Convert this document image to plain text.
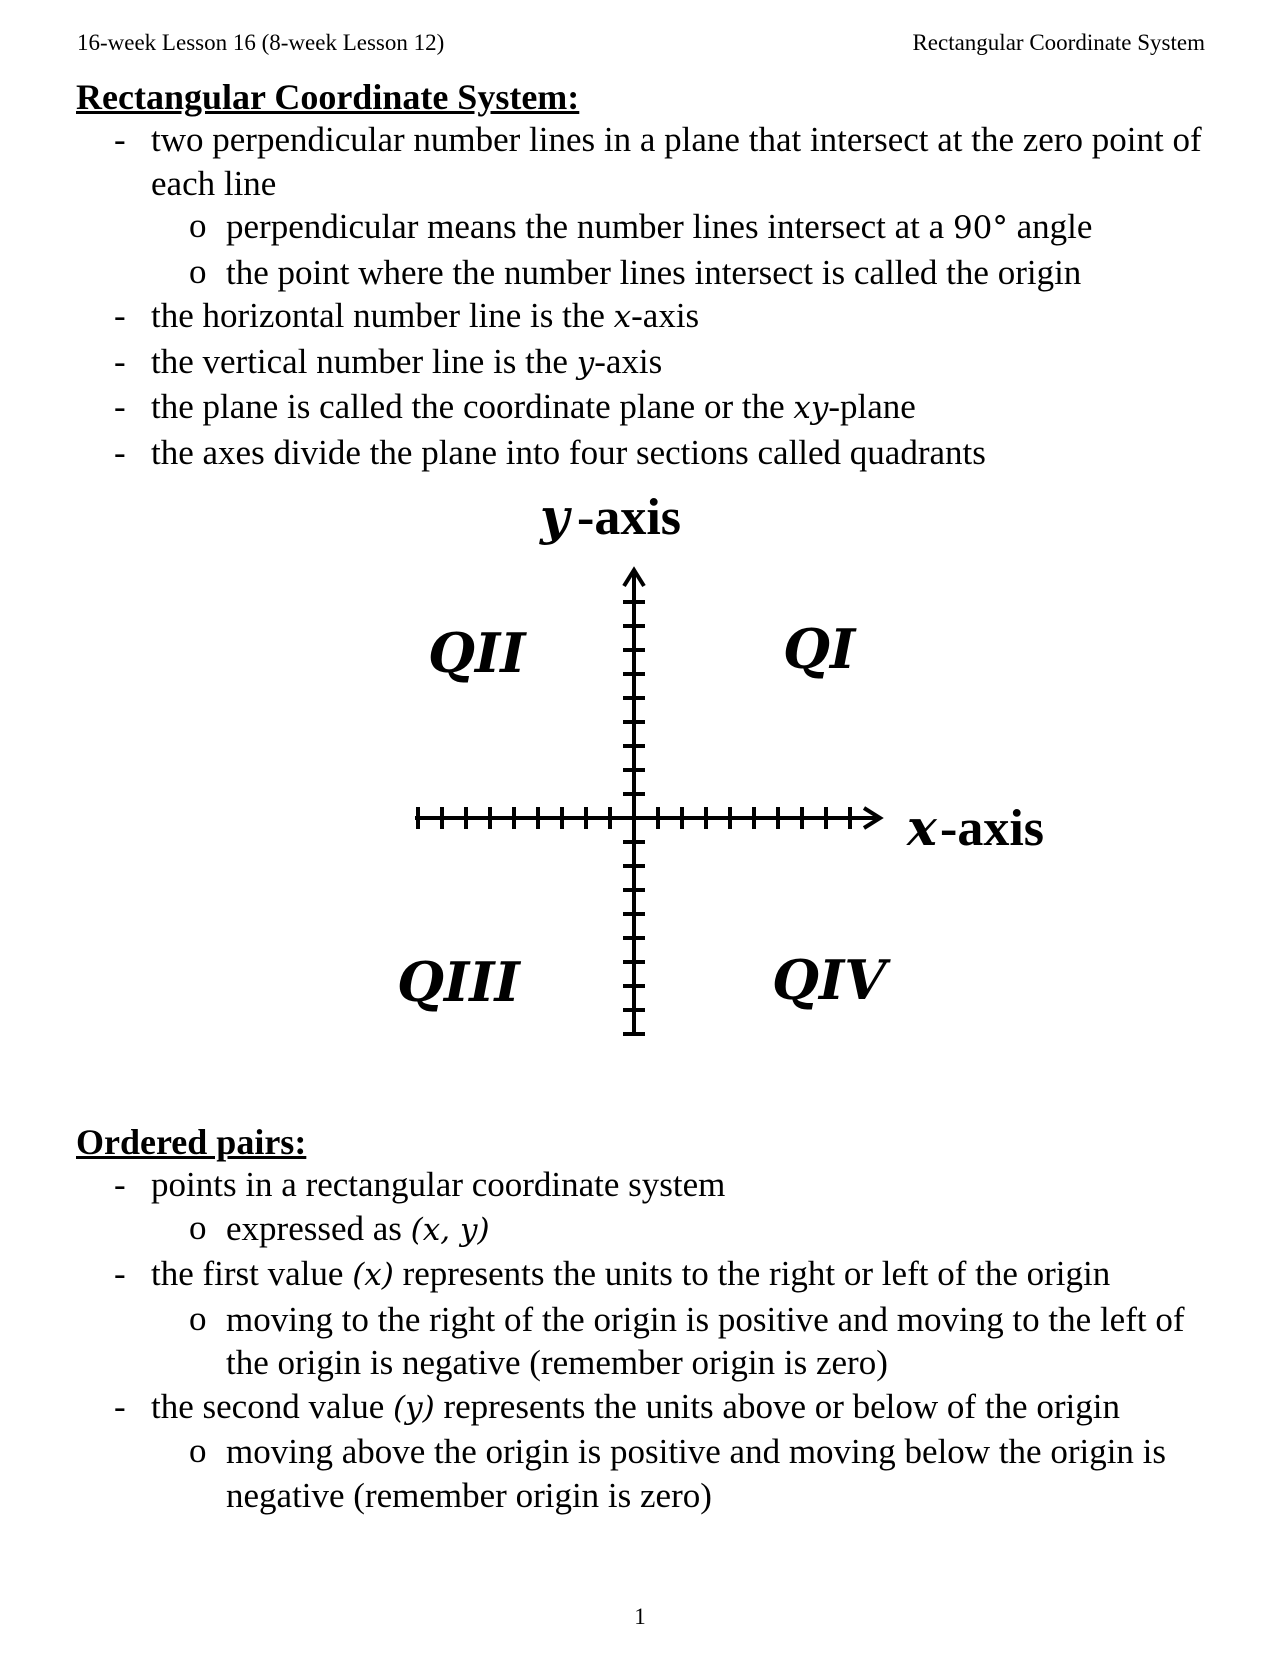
16-week Lesson 16 (8-week Lesson 12)	Rectangular Coordinate System
Rectangular Coordinate System:
- two perpendicular number lines in a plane that intersect at the zero point of each line
o perpendicular means the number lines intersect at a 90° angle
o the point where the number lines intersect is called the origin
- the horizontal number line is the x-axis
- the vertical number line is the y-axis
- the plane is called the coordinate plane or the xy-plane
- the axes divide the plane into four sections called quadrants
y -axis
x -axis
QII	QI
QIII	QIV
Ordered pairs:
- points in a rectangular coordinate system
o expressed as (x, y)
- the first value (x) represents the units to the right or left of the origin
o moving to the right of the origin is positive and moving to the left of the origin is negative (remember origin is zero)
- the second value (y) represents the units above or below of the origin
o moving above the origin is positive and moving below the origin is negative (remember origin is zero)
1
